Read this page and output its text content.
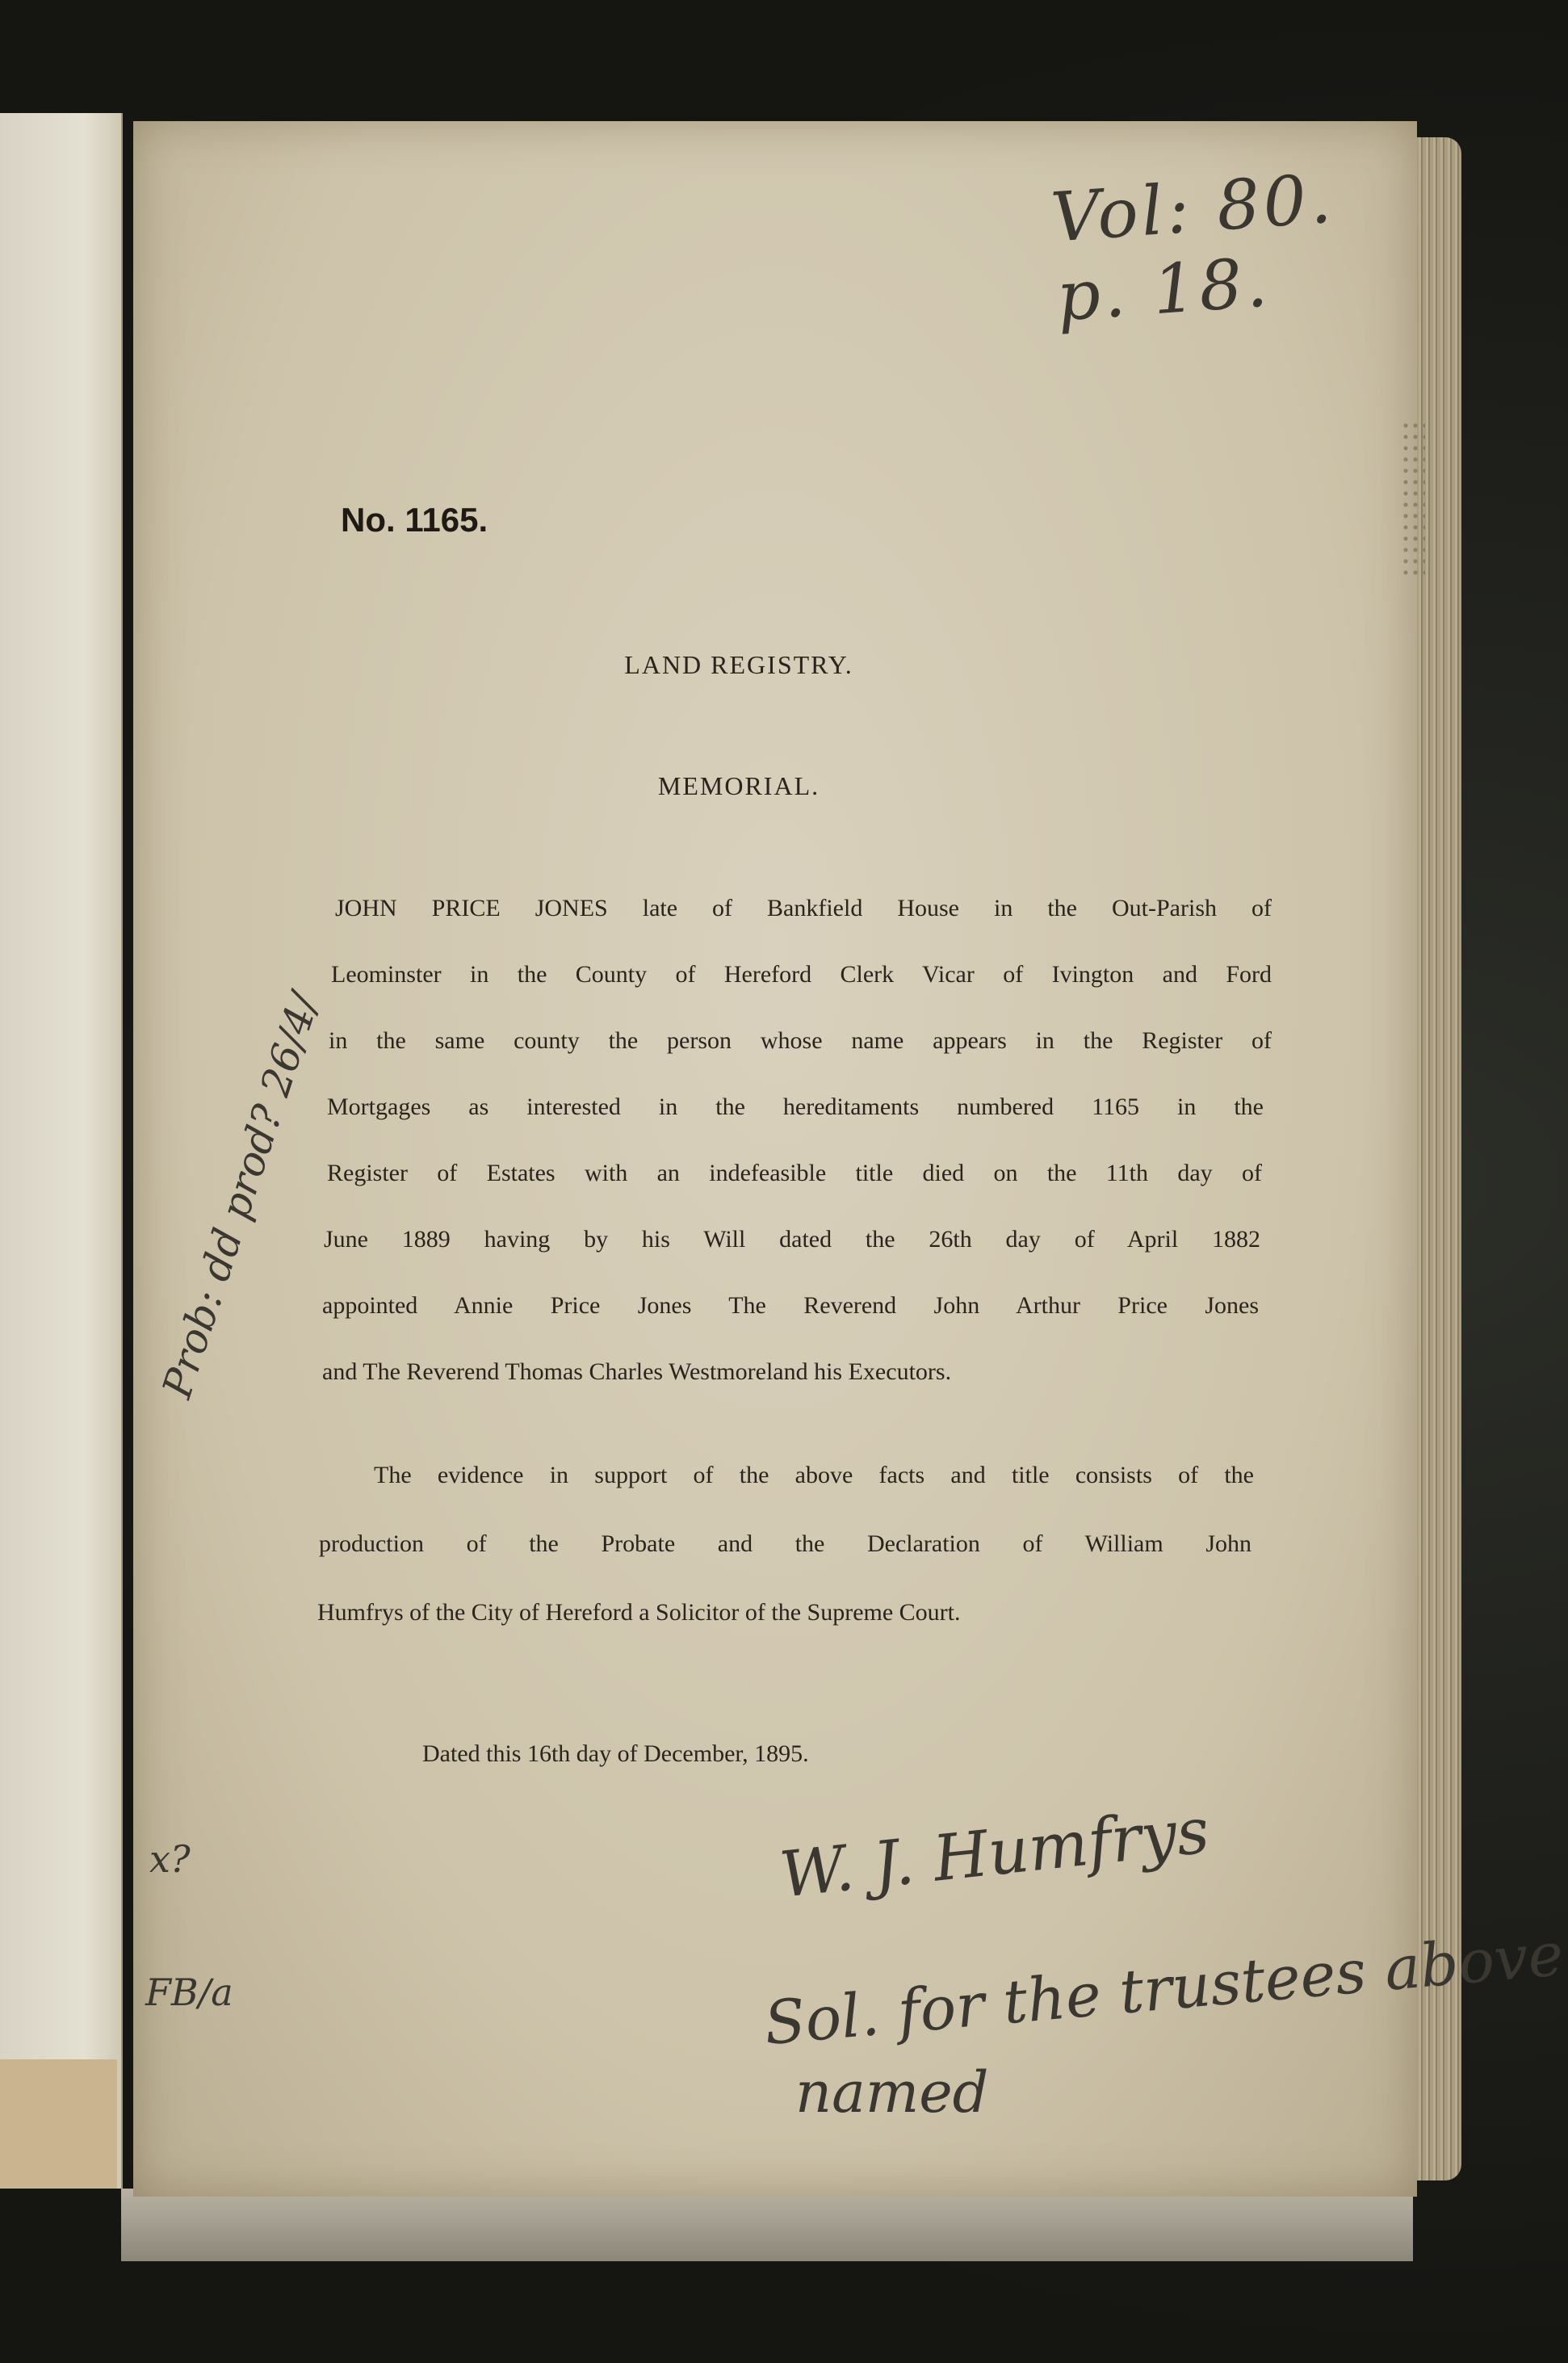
Vol: 80. p. 18.

No. 1165.

LAND REGISTRY.

MEMORIAL.

JOHN PRICE JONES late of Bankfield House in the Out-Parish of

Leominster in the County of Hereford Clerk Vicar of Ivington and Ford

in the same county the person whose name appears in the Register of

Mortgages as interested in the hereditaments numbered 1165 in the

Register of Estates with an indefeasible title died on the 11th day of

June 1889 having by his Will dated the 26th day of April 1882

appointed Annie Price Jones The Reverend John Arthur Price Jones

and The Reverend Thomas Charles Westmoreland his Executors.

The evidence in support of the above facts and title consists of the

production of the Probate and the Declaration of William John

Humfrys of the City of Hereford a Solicitor of the Supreme Court.

Dated this 16th day of December, 1895.

W. J. Humfrys

Sol. for the trustees above

named

Prob: dd prod? 26/4/

x?

FB/a
